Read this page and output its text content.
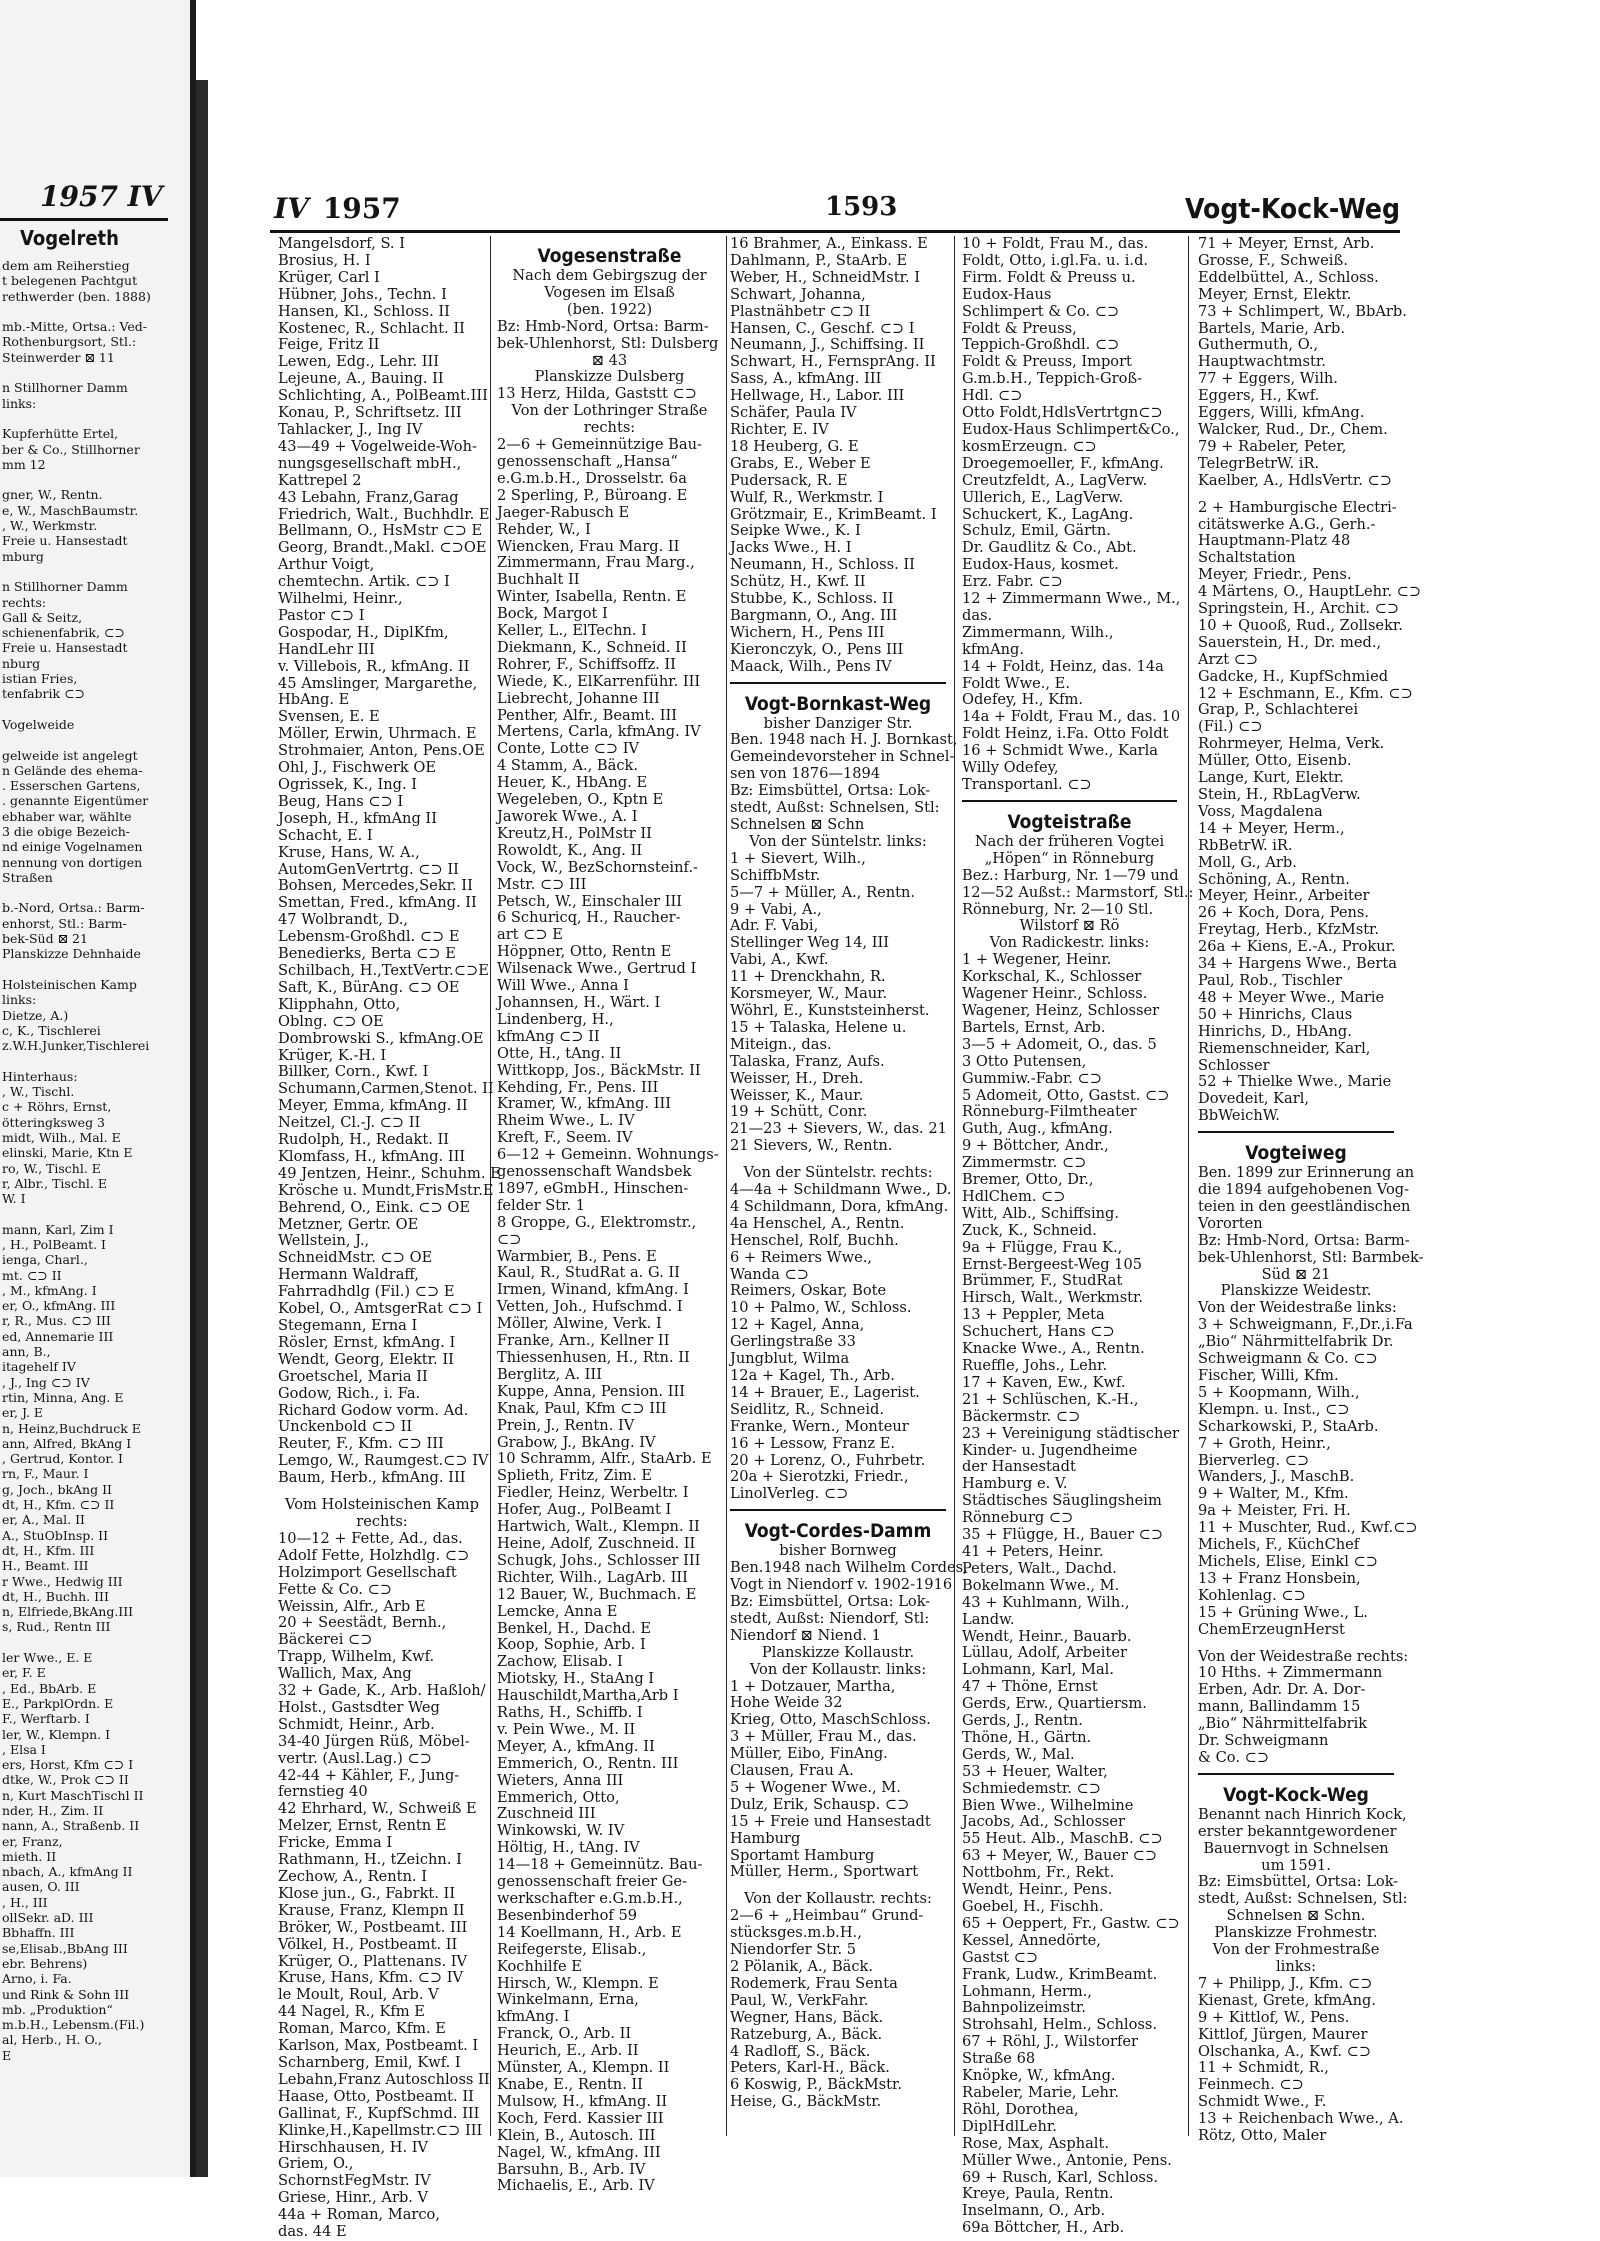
1957 IV
Vogelreth
dem am Reiherstieg
t belegenen Pachtgut
rethwerder (ben. 1888)

mb.-Mitte, Ortsa.: Ved-
Rothenburgsort, Stl.:
Steinwerder ⊠ 11

n Stillhorner Damm
links:

Kupferhütte Ertel,
ber & Co., Stillhorner
mm 12

gner, W., Rentn.
e, W., MaschBaumstr.
, W., Werkmstr.
Freie u. Hansestadt
mburg

n Stillhorner Damm
rechts:
Gall & Seitz,
schienenfabrik, ⊂⊃
Freie u. Hansestadt
nburg
istian Fries,
tenfabrik ⊂⊃

Vogelweide

gelweide ist angelegt
n Gelände des ehema-
. Esserschen Gartens,
. genannte Eigentümer
ebhaber war, wählte
3 die obige Bezeich-
nd einige Vogelnamen
nennung von dortigen
Straßen

b.-Nord, Ortsa.: Barm-
enhorst, Stl.: Barm-
bek-Süd ⊠ 21
Planskizze Dehnhaide

Holsteinischen Kamp
links:
Dietze, A.)
c, K., Tischlerei
z.W.H.Junker,Tischlerei

Hinterhaus:
, W., Tischl.
c + Röhrs, Ernst,
ötteringksweg 3
midt, Wilh., Mal. E
elinski, Marie, Ktn E
ro, W., Tischl. E
r, Albr., Tischl. E
W. I

mann, Karl, Zim I
, H., PolBeamt. I
ienga, Charl.,
mt. ⊂⊃ II
, M., kfmAng. I
er, O., kfmAng. III
r, R., Mus. ⊂⊃ III
ed, Annemarie III
ann, B.,
itagehelf IV
, J., Ing ⊂⊃ IV
rtin, Minna, Ang. E
er, J. E
n, Heinz,Buchdruck E
ann, Alfred, BkAng I
, Gertrud, Kontor. I
rn, F., Maur. I
g, Joch., bkAng II
dt, H., Kfm. ⊂⊃ II
er, A., Mal. II
A., StuObInsp. II
dt, H., Kfm. III
H., Beamt. III
r Wwe., Hedwig III
dt, H., Buchh. III
n, Elfriede,BkAng.III
s, Rud., Rentn III

ler Wwe., E. E
er, F. E
, Ed., BbArb. E
E., ParkplOrdn. E
F., Werftarb. I
ler, W., Klempn. I
, Elsa I
ers, Horst, Kfm ⊂⊃ I
dtke, W., Prok ⊂⊃ II
n, Kurt MaschTischl II
nder, H., Zim. II
nann, A., Straßenb. II
er, Franz,
mieth. II
nbach, A., kfmAng II
ausen, O. III
, H., III
ollSekr. aD. III
Bbhaffn. III
se,Elisab.,BbAng III
ebr. Behrens)
Arno, i. Fa.
und Rink & Sohn III
mb. „Produktion“
m.b.H., Lebensm.(Fil.)
al, Herb., H. O.,
E
IV 1957	1593	Vogt-Kock-Weg
Mangelsdorf, S. I
Brosius, H. I
Krüger, Carl I
Hübner, Johs., Techn. I
Hansen, Kl., Schloss. II
Kostenec, R., Schlacht. II
Feige, Fritz II
Lewen, Edg., Lehr. III
Lejeune, A., Bauing. II
Schlichting, A., PolBeamt.III
Konau, P., Schriftsetz. III
Tahlacker, J., Ing IV
43—49 + Vogelweide-Woh-
nungsgesellschaft mbH.,
Kattrepel 2
43 Lebahn, Franz,Garag
Friedrich, Walt., Buchhdlr. E
Bellmann, O., HsMstr ⊂⊃ E
Georg, Brandt.,Makl. ⊂⊃OE
Arthur Voigt,
chemtechn. Artik. ⊂⊃ I
Wilhelmi, Heinr.,
Pastor ⊂⊃ I
Gospodar, H., DiplKfm,
HandLehr III
v. Villebois, R., kfmAng. II
45 Amslinger, Margarethe,
HbAng. E
Svensen, E. E
Möller, Erwin, Uhrmach. E
Strohmaier, Anton, Pens.OE
Ohl, J., Fischwerk OE
Ogrissek, K., Ing. I
Beug, Hans ⊂⊃ I
Joseph, H., kfmAng II
Schacht, E. I
Kruse, Hans, W. A.,
AutomGenVertrtg. ⊂⊃ II
Bohsen, Mercedes,Sekr. II
Smettan, Fred., kfmAng. II
47 Wolbrandt, D.,
Lebensm-Großhdl. ⊂⊃ E
Benedierks, Berta ⊂⊃ E
Schilbach, H.,TextVertr.⊂⊃E
Saft, K., BürAng. ⊂⊃ OE
Klipphahn, Otto,
Oblng. ⊂⊃ OE
Dombrowski S., kfmAng.OE
Krüger, K.-H. I
Billker, Corn., Kwf. I
Schumann,Carmen,Stenot. II
Meyer, Emma, kfmAng. II
Neitzel, Cl.-J. ⊂⊃ II
Rudolph, H., Redakt. II
Klomfass, H., kfmAng. III
49 Jentzen, Heinr., Schuhm. E
Krösche u. Mundt,FrisMstr.E
Behrend, O., Eink. ⊂⊃ OE
Metzner, Gertr. OE
Wellstein, J.,
SchneidMstr. ⊂⊃ OE
Hermann Waldraff,
Fahrradhdlg (Fil.) ⊂⊃ E
Kobel, O., AmtsgerRat ⊂⊃ I
Stegemann, Erna I
Rösler, Ernst, kfmAng. I
Wendt, Georg, Elektr. II
Groetschel, Maria II
Godow, Rich., i. Fa.
Richard Godow vorm. Ad.
Unckenbold ⊂⊃ II
Reuter, F., Kfm. ⊂⊃ III
Lemgo, W., Raumgest.⊂⊃ IV
Baum, Herb., kfmAng. III
Vom Holsteinischen Kamp
rechts:
10—12 + Fette, Ad., das.
Adolf Fette, Holzhdlg. ⊂⊃
Holzimport Gesellschaft
Fette & Co. ⊂⊃
Weissin, Alfr., Arb E
20 + Seestädt, Bernh.,
Bäckerei ⊂⊃
Trapp, Wilhelm, Kwf.
Wallich, Max, Ang
32 + Gade, K., Arb. Haßloh/
Holst., Gastsdter Weg
Schmidt, Heinr., Arb.
34-40 Jürgen Rüß, Möbel-
vertr. (Ausl.Lag.) ⊂⊃
42-44 + Kähler, F., Jung-
fernstieg 40
42 Ehrhard, W., Schweiß E
Melzer, Ernst, Rentn E
Fricke, Emma I
Rathmann, H., tZeichn. I
Zechow, A., Rentn. I
Klose jun., G., Fabrkt. II
Krause, Franz, Klempn II
Bröker, W., Postbeamt. III
Völkel, H., Postbeamt. II
Krüger, O., Plattenans. IV
Kruse, Hans, Kfm. ⊂⊃ IV
le Moult, Roul, Arb. V
44 Nagel, R., Kfm E
Roman, Marco, Kfm. E
Karlson, Max, Postbeamt. I
Scharnberg, Emil, Kwf. I
Lebahn,Franz Autoschloss II
Haase, Otto, Postbeamt. II
Gallinat, F., KupfSchmd. III
Klinke,H.,Kapellmstr.⊂⊃ III
Hirschhausen, H. IV
Griem, O.,
SchornstFegMstr. IV
Griese, Hinr., Arb. V
44a + Roman, Marco,
das. 44 E
Vogesenstraße
Nach dem Gebirgszug der
Vogesen im Elsaß
(ben. 1922)
Bz: Hmb-Nord, Ortsa: Barm-
bek-Uhlenhorst, Stl: Dulsberg
⊠ 43
Planskizze Dulsberg
13 Herz, Hilda, Gaststt ⊂⊃
Von der Lothringer Straße
rechts:
2—6 + Gemeinnützige Bau-
genossenschaft „Hansa“
e.G.m.b.H., Drosselstr. 6a
2 Sperling, P., Büroang. E
Jaeger-Rabusch E
Rehder, W., I
Wiencken, Frau Marg. II
Zimmermann, Frau Marg.,
Buchhalt II
Winter, Isabella, Rentn. E
Bock, Margot I
Keller, L., ElTechn. I
Diekmann, K., Schneid. II
Rohrer, F., Schiffsoffz. II
Wiede, K., ElKarrenführ. III
Liebrecht, Johanne III
Penther, Alfr., Beamt. III
Mertens, Carla, kfmAng. IV
Conte, Lotte ⊂⊃ IV
4 Stamm, A., Bäck.
Heuer, K., HbAng. E
Wegeleben, O., Kptn E
Jaworek Wwe., A. I
Kreutz,H., PolMstr II
Rowoldt, K., Ang. II
Vock, W., BezSchornsteinf.-
Mstr. ⊂⊃ III
Petsch, W., Einschaler III
6 Schuricq, H., Raucher-
art ⊂⊃ E
Höppner, Otto, Rentn E
Wilsenack Wwe., Gertrud I
Will Wwe., Anna I
Johannsen, H., Wärt. I
Lindenberg, H.,
kfmAng ⊂⊃ II
Otte, H., tAng. II
Wittkopp, Jos., BäckMstr. II
Kehding, Fr., Pens. III
Kramer, W., kfmAng. III
Rheim Wwe., L. IV
Kreft, F., Seem. IV
6—12 + Gemeinn. Wohnungs-
genossenschaft Wandsbek
1897, eGmbH., Hinschen-
felder Str. 1
8 Groppe, G., Elektromstr.,
⊂⊃
Warmbier, B., Pens. E
Kaul, R., StudRat a. G. II
Irmen, Winand, kfmAng. I
Vetten, Joh., Hufschmd. I
Möller, Alwine, Verk. I
Franke, Arn., Kellner II
Thiessenhusen, H., Rtn. II
Berglitz, A. III
Kuppe, Anna, Pension. III
Knak, Paul, Kfm ⊂⊃ III
Prein, J., Rentn. IV
Grabow, J., BkAng. IV
10 Schramm, Alfr., StaArb. E
Splieth, Fritz, Zim. E
Fiedler, Heinz, Werbeltr. I
Hofer, Aug., PolBeamt I
Hartwich, Walt., Klempn. II
Heine, Adolf, Zuschneid. II
Schugk, Johs., Schlosser III
Richter, Wilh., LagArb. III
12 Bauer, W., Buchmach. E
Lemcke, Anna E
Benkel, H., Dachd. E
Koop, Sophie, Arb. I
Zachow, Elisab. I
Miotsky, H., StaAng I
Hauschildt,Martha,Arb I
Raths, H., Schiffb. I
v. Pein Wwe., M. II
Meyer, A., kfmAng. II
Emmerich, O., Rentn. III
Wieters, Anna III
Emmerich, Otto,
Zuschneid III
Winkowski, W. IV
Höltig, H., tAng. IV
14—18 + Gemeinnütz. Bau-
genossenschaft freier Ge-
werkschafter e.G.m.b.H.,
Besenbinderhof 59
14 Koellmann, H., Arb. E
Reifegerste, Elisab.,
Kochhilfe E
Hirsch, W., Klempn. E
Winkelmann, Erna,
kfmAng. I
Franck, O., Arb. II
Heurich, E., Arb. II
Münster, A., Klempn. II
Knabe, E., Rentn. II
Mulsow, H., kfmAng. II
Koch, Ferd. Kassier III
Klein, B., Autosch. III
Nagel, W., kfmAng. III
Barsuhn, B., Arb. IV
Michaelis, E., Arb. IV
16 Brahmer, A., Einkass. E
Dahlmann, P., StaArb. E
Weber, H., SchneidMstr. I
Schwart, Johanna,
Plastnähbetr ⊂⊃ II
Hansen, C., Geschf. ⊂⊃ I
Neumann, J., Schiffsing. II
Schwart, H., FernsprAng. II
Sass, A., kfmAng. III
Hellwage, H., Labor. III
Schäfer, Paula IV
Richter, E. IV
18 Heuberg, G. E
Grabs, E., Weber E
Pudersack, R. E
Wulf, R., Werkmstr. I
Grötzmair, E., KrimBeamt. I
Seipke Wwe., K. I
Jacks Wwe., H. I
Neumann, H., Schloss. II
Schütz, H., Kwf. II
Stubbe, K., Schloss. II
Bargmann, O., Ang. III
Wichern, H., Pens III
Kieronczyk, O., Pens III
Maack, Wilh., Pens IV
Vogt-Bornkast-Weg
bisher Danziger Str.
Ben. 1948 nach H. J. Bornkast,
Gemeindevorsteher in Schnel-
sen von 1876—1894
Bz: Eimsbüttel, Ortsa: Lok-
stedt, Außst: Schnelsen, Stl:
Schnelsen ⊠ Schn
Von der Süntelstr. links:
1 + Sievert, Wilh.,
SchiffbMstr.
5—7 + Müller, A., Rentn.
9 + Vabi, A.,
Adr. F. Vabi,
Stellinger Weg 14, III
Vabi, A., Kwf.
11 + Drenckhahn, R.
Korsmeyer, W., Maur.
Wöhrl, E., Kunststeinherst.
15 + Talaska, Helene u.
Miteign., das.
Talaska, Franz, Aufs.
Weisser, H., Dreh.
Weisser, K., Maur.
19 + Schütt, Conr.
21—23 + Sievers, W., das. 21
21 Sievers, W., Rentn.
Von der Süntelstr. rechts:
4—4a + Schildmann Wwe., D.
4 Schildmann, Dora, kfmAng.
4a Henschel, A., Rentn.
Henschel, Rolf, Buchh.
6 + Reimers Wwe.,
Wanda ⊂⊃
Reimers, Oskar, Bote
10 + Palmo, W., Schloss.
12 + Kagel, Anna,
Gerlingstraße 33
Jungblut, Wilma
12a + Kagel, Th., Arb.
14 + Brauer, E., Lagerist.
Seidlitz, R., Schneid.
Franke, Wern., Monteur
16 + Lessow, Franz E.
20 + Lorenz, O., Fuhrbetr.
20a + Sierotzki, Friedr.,
LinolVerleg. ⊂⊃
Vogt-Cordes-Damm
bisher Bornweg
Ben.1948 nach Wilhelm Cordes,
Vogt in Niendorf v. 1902-1916
Bz: Eimsbüttel, Ortsa: Lok-
stedt, Außst: Niendorf, Stl:
Niendorf ⊠ Niend. 1
Planskizze Kollaustr.
Von der Kollaustr. links:
1 + Dotzauer, Martha,
Hohe Weide 32
Krieg, Otto, MaschSchloss.
3 + Müller, Frau M., das.
Müller, Eibo, FinAng.
Clausen, Frau A.
5 + Wogener Wwe., M.
Dulz, Erik, Schausp. ⊂⊃
15 + Freie und Hansestadt
Hamburg
Sportamt Hamburg
Müller, Herm., Sportwart
Von der Kollaustr. rechts:
2—6 + „Heimbau“ Grund-
stücksges.m.b.H.,
Niendorfer Str. 5
2 Pölanik, A., Bäck.
Rodemerk, Frau Senta
Paul, W., VerkFahr.
Wegner, Hans, Bäck.
Ratzeburg, A., Bäck.
4 Radloff, S., Bäck.
Peters, Karl-H., Bäck.
6 Koswig, P., BäckMstr.
Heise, G., BäckMstr.
10 + Foldt, Frau M., das.
Foldt, Otto, i.gl.Fa. u. i.d.
Firm. Foldt & Preuss u.
Eudox-Haus
Schlimpert & Co. ⊂⊃
Foldt & Preuss,
Teppich-Großhdl. ⊂⊃
Foldt & Preuss, Import
G.m.b.H., Teppich-Groß-
Hdl. ⊂⊃
Otto Foldt,HdlsVertrtgn⊂⊃
Eudox-Haus Schlimpert&Co.,
kosmErzeugn. ⊂⊃
Droegemoeller, F., kfmAng.
Creutzfeldt, A., LagVerw.
Ullerich, E., LagVerw.
Schuckert, K., LagAng.
Schulz, Emil, Gärtn.
Dr. Gaudlitz & Co., Abt.
Eudox-Haus, kosmet.
Erz. Fabr. ⊂⊃
12 + Zimmermann Wwe., M.,
das.
Zimmermann, Wilh.,
kfmAng.
14 + Foldt, Heinz, das. 14a
Foldt Wwe., E.
Odefey, H., Kfm.
14a + Foldt, Frau M., das. 10
Foldt Heinz, i.Fa. Otto Foldt
16 + Schmidt Wwe., Karla
Willy Odefey,
Transportanl. ⊂⊃
Vogteistraße
Nach der früheren Vogtei
„Höpen“ in Rönneburg
Bez.: Harburg, Nr. 1—79 und
12—52 Außst.: Marmstorf, Stl.:
Rönneburg, Nr. 2—10 Stl.
Wilstorf ⊠ Rö
Von Radickestr. links:
1 + Wegener, Heinr.
Korkschal, K., Schlosser
Wagener Heinr., Schloss.
Wagener, Heinz, Schlosser
Bartels, Ernst, Arb.
3—5 + Adomeit, O., das. 5
3 Otto Putensen,
Gummiw.-Fabr. ⊂⊃
5 Adomeit, Otto, Gastst. ⊂⊃
Rönneburg-Filmtheater
Guth, Aug., kfmAng.
9 + Böttcher, Andr.,
Zimmermstr. ⊂⊃
Bremer, Otto, Dr.,
HdlChem. ⊂⊃
Witt, Alb., Schiffsing.
Zuck, K., Schneid.
9a + Flügge, Frau K.,
Ernst-Bergeest-Weg 105
Brümmer, F., StudRat
Hirsch, Walt., Werkmstr.
13 + Peppler, Meta
Schuchert, Hans ⊂⊃
Knacke Wwe., A., Rentn.
Rueffle, Johs., Lehr.
17 + Kaven, Ew., Kwf.
21 + Schlüschen, K.-H.,
Bäckermstr. ⊂⊃
23 + Vereinigung städtischer
Kinder- u. Jugendheime
der Hansestadt
Hamburg e. V.
Städtisches Säuglingsheim
Rönneburg ⊂⊃
35 + Flügge, H., Bauer ⊂⊃
41 + Peters, Heinr.
Peters, Walt., Dachd.
Bokelmann Wwe., M.
43 + Kuhlmann, Wilh.,
Landw.
Wendt, Heinr., Bauarb.
Lüllau, Adolf, Arbeiter
Lohmann, Karl, Mal.
47 + Thöne, Ernst
Gerds, Erw., Quartiersm.
Gerds, J., Rentn.
Thöne, H., Gärtn.
Gerds, W., Mal.
53 + Heuer, Walter,
Schmiedemstr. ⊂⊃
Bien Wwe., Wilhelmine
Jacobs, Ad., Schlosser
55 Heut. Alb., MaschB. ⊂⊃
63 + Meyer, W., Bauer ⊂⊃
Nottbohm, Fr., Rekt.
Wendt, Heinr., Pens.
Goebel, H., Fischh.
65 + Oeppert, Fr., Gastw. ⊂⊃
Kessel, Annedörte,
Gastst ⊂⊃
Frank, Ludw., KrimBeamt.
Lohmann, Herm.,
Bahnpolizeimstr.
Strohsahl, Helm., Schloss.
67 + Röhl, J., Wilstorfer
Straße 68
Knöpke, W., kfmAng.
Rabeler, Marie, Lehr.
Röhl, Dorothea,
DiplHdlLehr.
Rose, Max, Asphalt.
Müller Wwe., Antonie, Pens.
69 + Rusch, Karl, Schloss.
Kreye, Paula, Rentn.
Inselmann, O., Arb.
69a Böttcher, H., Arb.
71 + Meyer, Ernst, Arb.
Grosse, F., Schweiß.
Eddelbüttel, A., Schloss.
Meyer, Ernst, Elektr.
73 + Schlimpert, W., BbArb.
Bartels, Marie, Arb.
Guthermuth, O.,
Hauptwachtmstr.
77 + Eggers, Wilh.
Eggers, H., Kwf.
Eggers, Willi, kfmAng.
Walcker, Rud., Dr., Chem.
79 + Rabeler, Peter,
TelegrBetrW. iR.
Kaelber, A., HdlsVertr. ⊂⊃
2 + Hamburgische Electri-
citätswerke A.G., Gerh.-
Hauptmann-Platz 48
Schaltstation
Meyer, Friedr., Pens.
4 Märtens, O., HauptLehr. ⊂⊃
Springstein, H., Archit. ⊂⊃
10 + Quooß, Rud., Zollsekr.
Sauerstein, H., Dr. med.,
Arzt ⊂⊃
Gadcke, H., KupfSchmied
12 + Eschmann, E., Kfm. ⊂⊃
Grap, P., Schlachterei
(Fil.) ⊂⊃
Rohrmeyer, Helma, Verk.
Müller, Otto, Eisenb.
Lange, Kurt, Elektr.
Stein, H., RbLagVerw.
Voss, Magdalena
14 + Meyer, Herm.,
RbBetrW. iR.
Moll, G., Arb.
Schöning, A., Rentn.
Meyer, Heinr., Arbeiter
26 + Koch, Dora, Pens.
Freytag, Herb., KfzMstr.
26a + Kiens, E.-A., Prokur.
34 + Hargens Wwe., Berta
Paul, Rob., Tischler
48 + Meyer Wwe., Marie
50 + Hinrichs, Claus
Hinrichs, D., HbAng.
Riemenschneider, Karl,
Schlosser
52 + Thielke Wwe., Marie
Dovedeit, Karl,
BbWeichW.
Vogteiweg
Ben. 1899 zur Erinnerung an
die 1894 aufgehobenen Vog-
teien in den geestländischen
Vororten
Bz: Hmb-Nord, Ortsa: Barm-
bek-Uhlenhorst, Stl: Barmbek-
Süd ⊠ 21
Planskizze Weidestr.
Von der Weidestraße links:
3 + Schweigmann, F.,Dr.,i.Fa
„Bio“ Nährmittelfabrik Dr.
Schweigmann & Co. ⊂⊃
Fischer, Willi, Kfm.
5 + Koopmann, Wilh.,
Klempn. u. Inst., ⊂⊃
Scharkowski, P., StaArb.
7 + Groth, Heinr.,
Bierverleg. ⊂⊃
Wanders, J., MaschB.
9 + Walter, M., Kfm.
9a + Meister, Fri. H.
11 + Muschter, Rud., Kwf.⊂⊃
Michels, F., KüchChef
Michels, Elise, Einkl ⊂⊃
13 + Franz Honsbein,
Kohlenlag. ⊂⊃
15 + Grüning Wwe., L.
ChemErzeugnHerst
Von der Weidestraße rechts:
10 Hths. + Zimmermann
Erben, Adr. Dr. A. Dor-
mann, Ballindamm 15
„Bio“ Nährmittelfabrik
Dr. Schweigmann
& Co. ⊂⊃
Vogt-Kock-Weg
Benannt nach Hinrich Kock,
erster bekanntgewordener
Bauernvogt in Schnelsen
um 1591.
Bz: Eimsbüttel, Ortsa: Lok-
stedt, Außst: Schnelsen, Stl:
Schnelsen ⊠ Schn.
Planskizze Frohmestr.
Von der Frohmestraße
links:
7 + Philipp, J., Kfm. ⊂⊃
Kienast, Grete, kfmAng.
9 + Kittlof, W., Pens.
Kittlof, Jürgen, Maurer
Olschanka, A., Kwf. ⊂⊃
11 + Schmidt, R.,
Feinmech. ⊂⊃
Schmidt Wwe., F.
13 + Reichenbach Wwe., A.
Rötz, Otto, Maler
